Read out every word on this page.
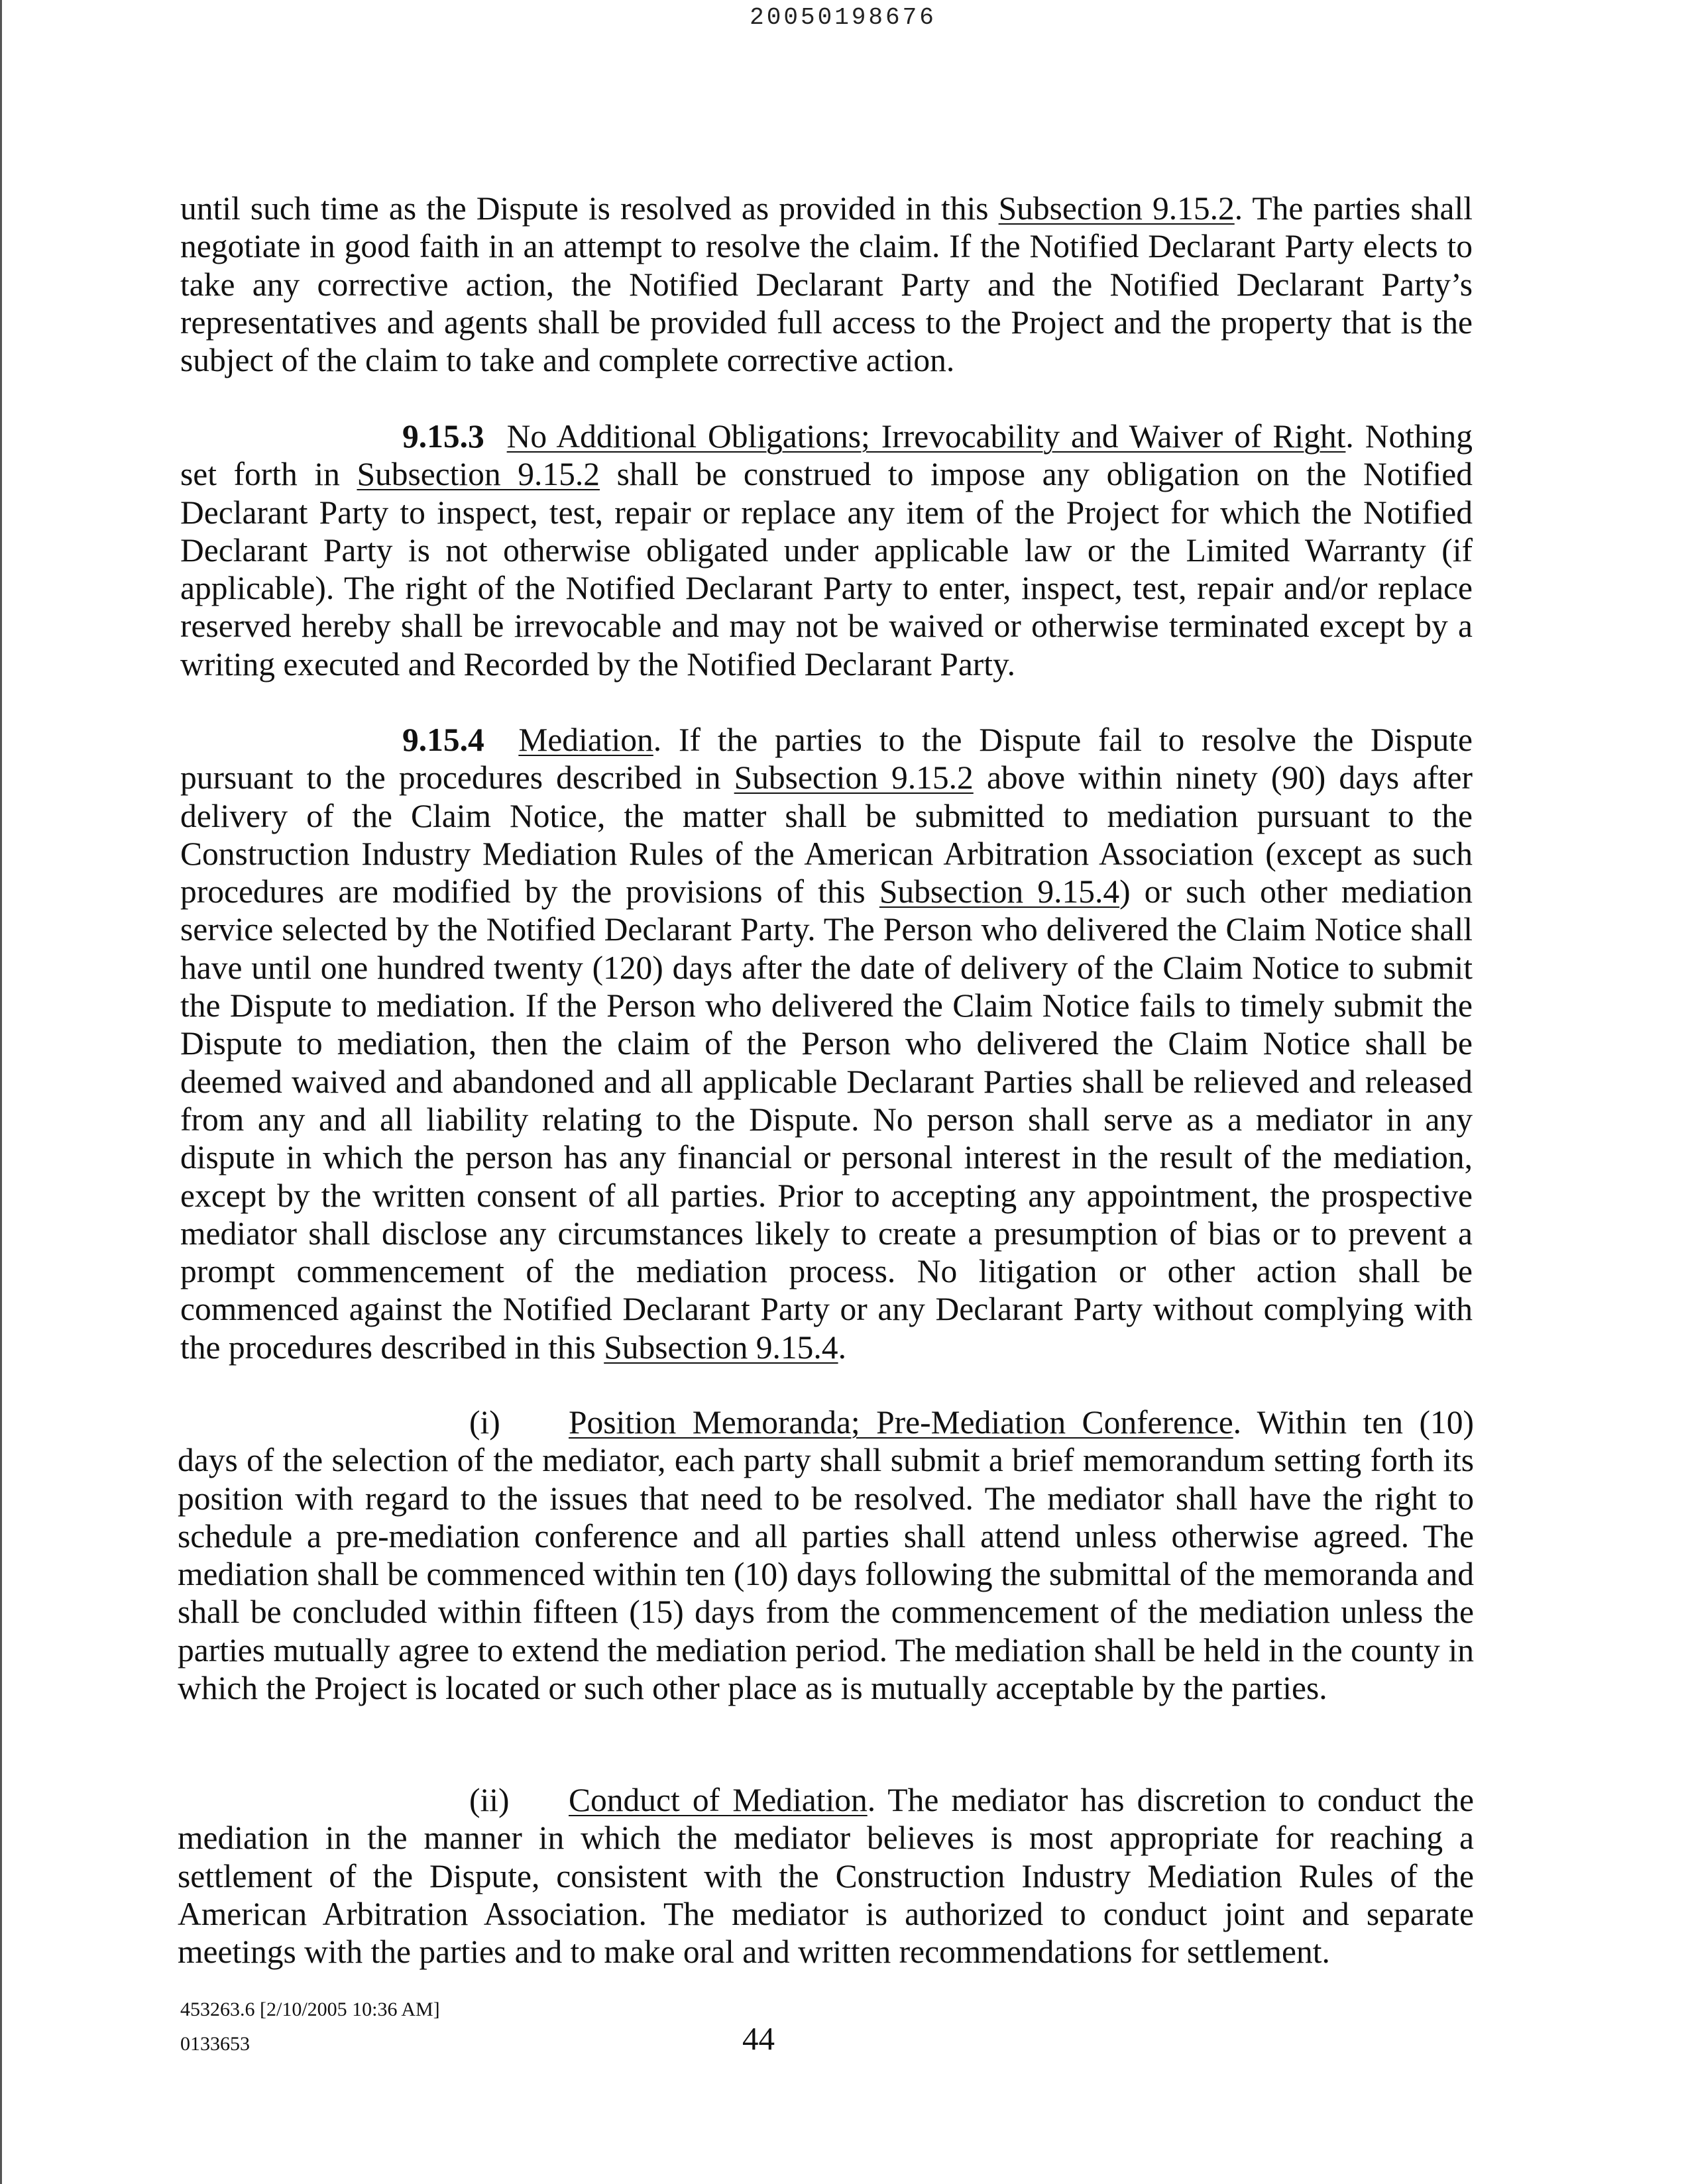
20050198676

until such time as the Dispute is resolved as provided in this Subsection 9.15.2. The parties shall negotiate in good faith in an attempt to resolve the claim. If the Notified Declarant Party elects to take any corrective action, the Notified Declarant Party and the Notified Declarant Party’s representatives and agents shall be provided full access to the Project and the property that is the subject of the claim to take and complete corrective action.

9.15.3 No Additional Obligations; Irrevocability and Waiver of Right. Nothing set forth in Subsection 9.15.2 shall be construed to impose any obligation on the Notified Declarant Party to inspect, test, repair or replace any item of the Project for which the Notified Declarant Party is not otherwise obligated under applicable law or the Limited Warranty (if applicable). The right of the Notified Declarant Party to enter, inspect, test, repair and/or replace reserved hereby shall be irrevocable and may not be waived or otherwise terminated except by a writing executed and Recorded by the Notified Declarant Party.

9.15.4 Mediation. If the parties to the Dispute fail to resolve the Dispute pursuant to the procedures described in Subsection 9.15.2 above within ninety (90) days after delivery of the Claim Notice, the matter shall be submitted to mediation pursuant to the Construction Industry Mediation Rules of the American Arbitration Association (except as such procedures are modified by the provisions of this Subsection 9.15.4) or such other mediation service selected by the Notified Declarant Party. The Person who delivered the Claim Notice shall have until one hundred twenty (120) days after the date of delivery of the Claim Notice to submit the Dispute to mediation. If the Person who delivered the Claim Notice fails to timely submit the Dispute to mediation, then the claim of the Person who delivered the Claim Notice shall be deemed waived and abandoned and all applicable Declarant Parties shall be relieved and released from any and all liability relating to the Dispute. No person shall serve as a mediator in any dispute in which the person has any financial or personal interest in the result of the mediation, except by the written consent of all parties. Prior to accepting any appointment, the prospective mediator shall disclose any circumstances likely to create a presumption of bias or to prevent a prompt commencement of the mediation process. No litigation or other action shall be commenced against the Notified Declarant Party or any Declarant Party without complying with the procedures described in this Subsection 9.15.4.

(i) Position Memoranda; Pre-Mediation Conference. Within ten (10) days of the selection of the mediator, each party shall submit a brief memorandum setting forth its position with regard to the issues that need to be resolved. The mediator shall have the right to schedule a pre-mediation conference and all parties shall attend unless otherwise agreed. The mediation shall be commenced within ten (10) days following the submittal of the memoranda and shall be concluded within fifteen (15) days from the commencement of the mediation unless the parties mutually agree to extend the mediation period. The mediation shall be held in the county in which the Project is located or such other place as is mutually acceptable by the parties.

(ii) Conduct of Mediation. The mediator has discretion to conduct the mediation in the manner in which the mediator believes is most appropriate for reaching a settlement of the Dispute, consistent with the Construction Industry Mediation Rules of the American Arbitration Association. The mediator is authorized to conduct joint and separate meetings with the parties and to make oral and written recommendations for settlement.

453263.6 [2/10/2005 10:36 AM]
0133653	44
